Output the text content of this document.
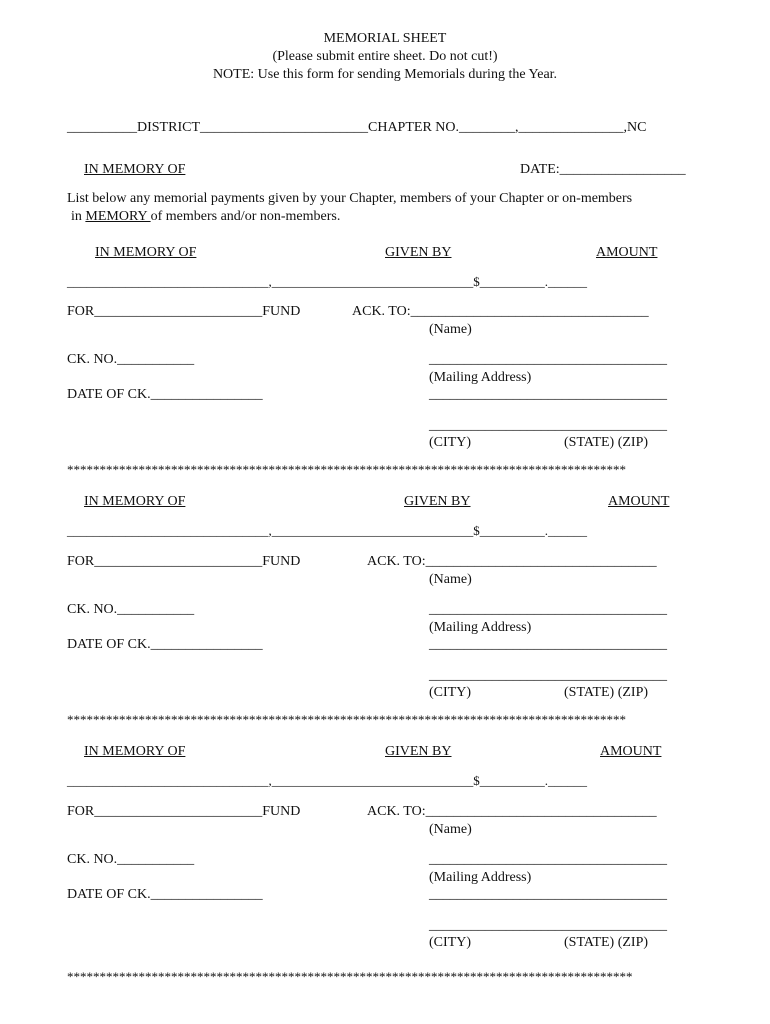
MEMORIAL SHEET
(Please submit entire sheet. Do not cut!)
NOTE: Use this form for sending Memorials during the Year.
__________DISTRICT________________________CHAPTER NO.________,_______________,NC
IN MEMORY OF	DATE:__________________
List below any memorial payments given by your Chapter, members of your Chapter or on-members
in MEMORY of members and/or non-members.
IN MEMORY OF	GIVEN BY	AMOUNT
_______________________________,_______________________________$__________.______
FOR________________________FUND	ACK. TO:__________________________________
(Name)
CK. NO.___________	__________________________________
(Mailing Address)
DATE OF CK.________________	__________________________________
__________________________________
(CITY)	(STATE) (ZIP)
**************************************************************************************
IN MEMORY OF	GIVEN BY	AMOUNT
_______________________________,_______________________________$__________.______
FOR________________________FUND	ACK. TO:_________________________________
(Name)
CK. NO.___________	__________________________________
(Mailing Address)
DATE OF CK.________________	__________________________________
__________________________________
(CITY)	(STATE) (ZIP)
**************************************************************************************
IN MEMORY OF	GIVEN BY	AMOUNT
_______________________________,_______________________________$__________.______
FOR________________________FUND	ACK. TO:_________________________________
(Name)
CK. NO.___________	__________________________________
(Mailing Address)
DATE OF CK.________________	__________________________________
__________________________________
(CITY)	(STATE) (ZIP)
***************************************************************************************
